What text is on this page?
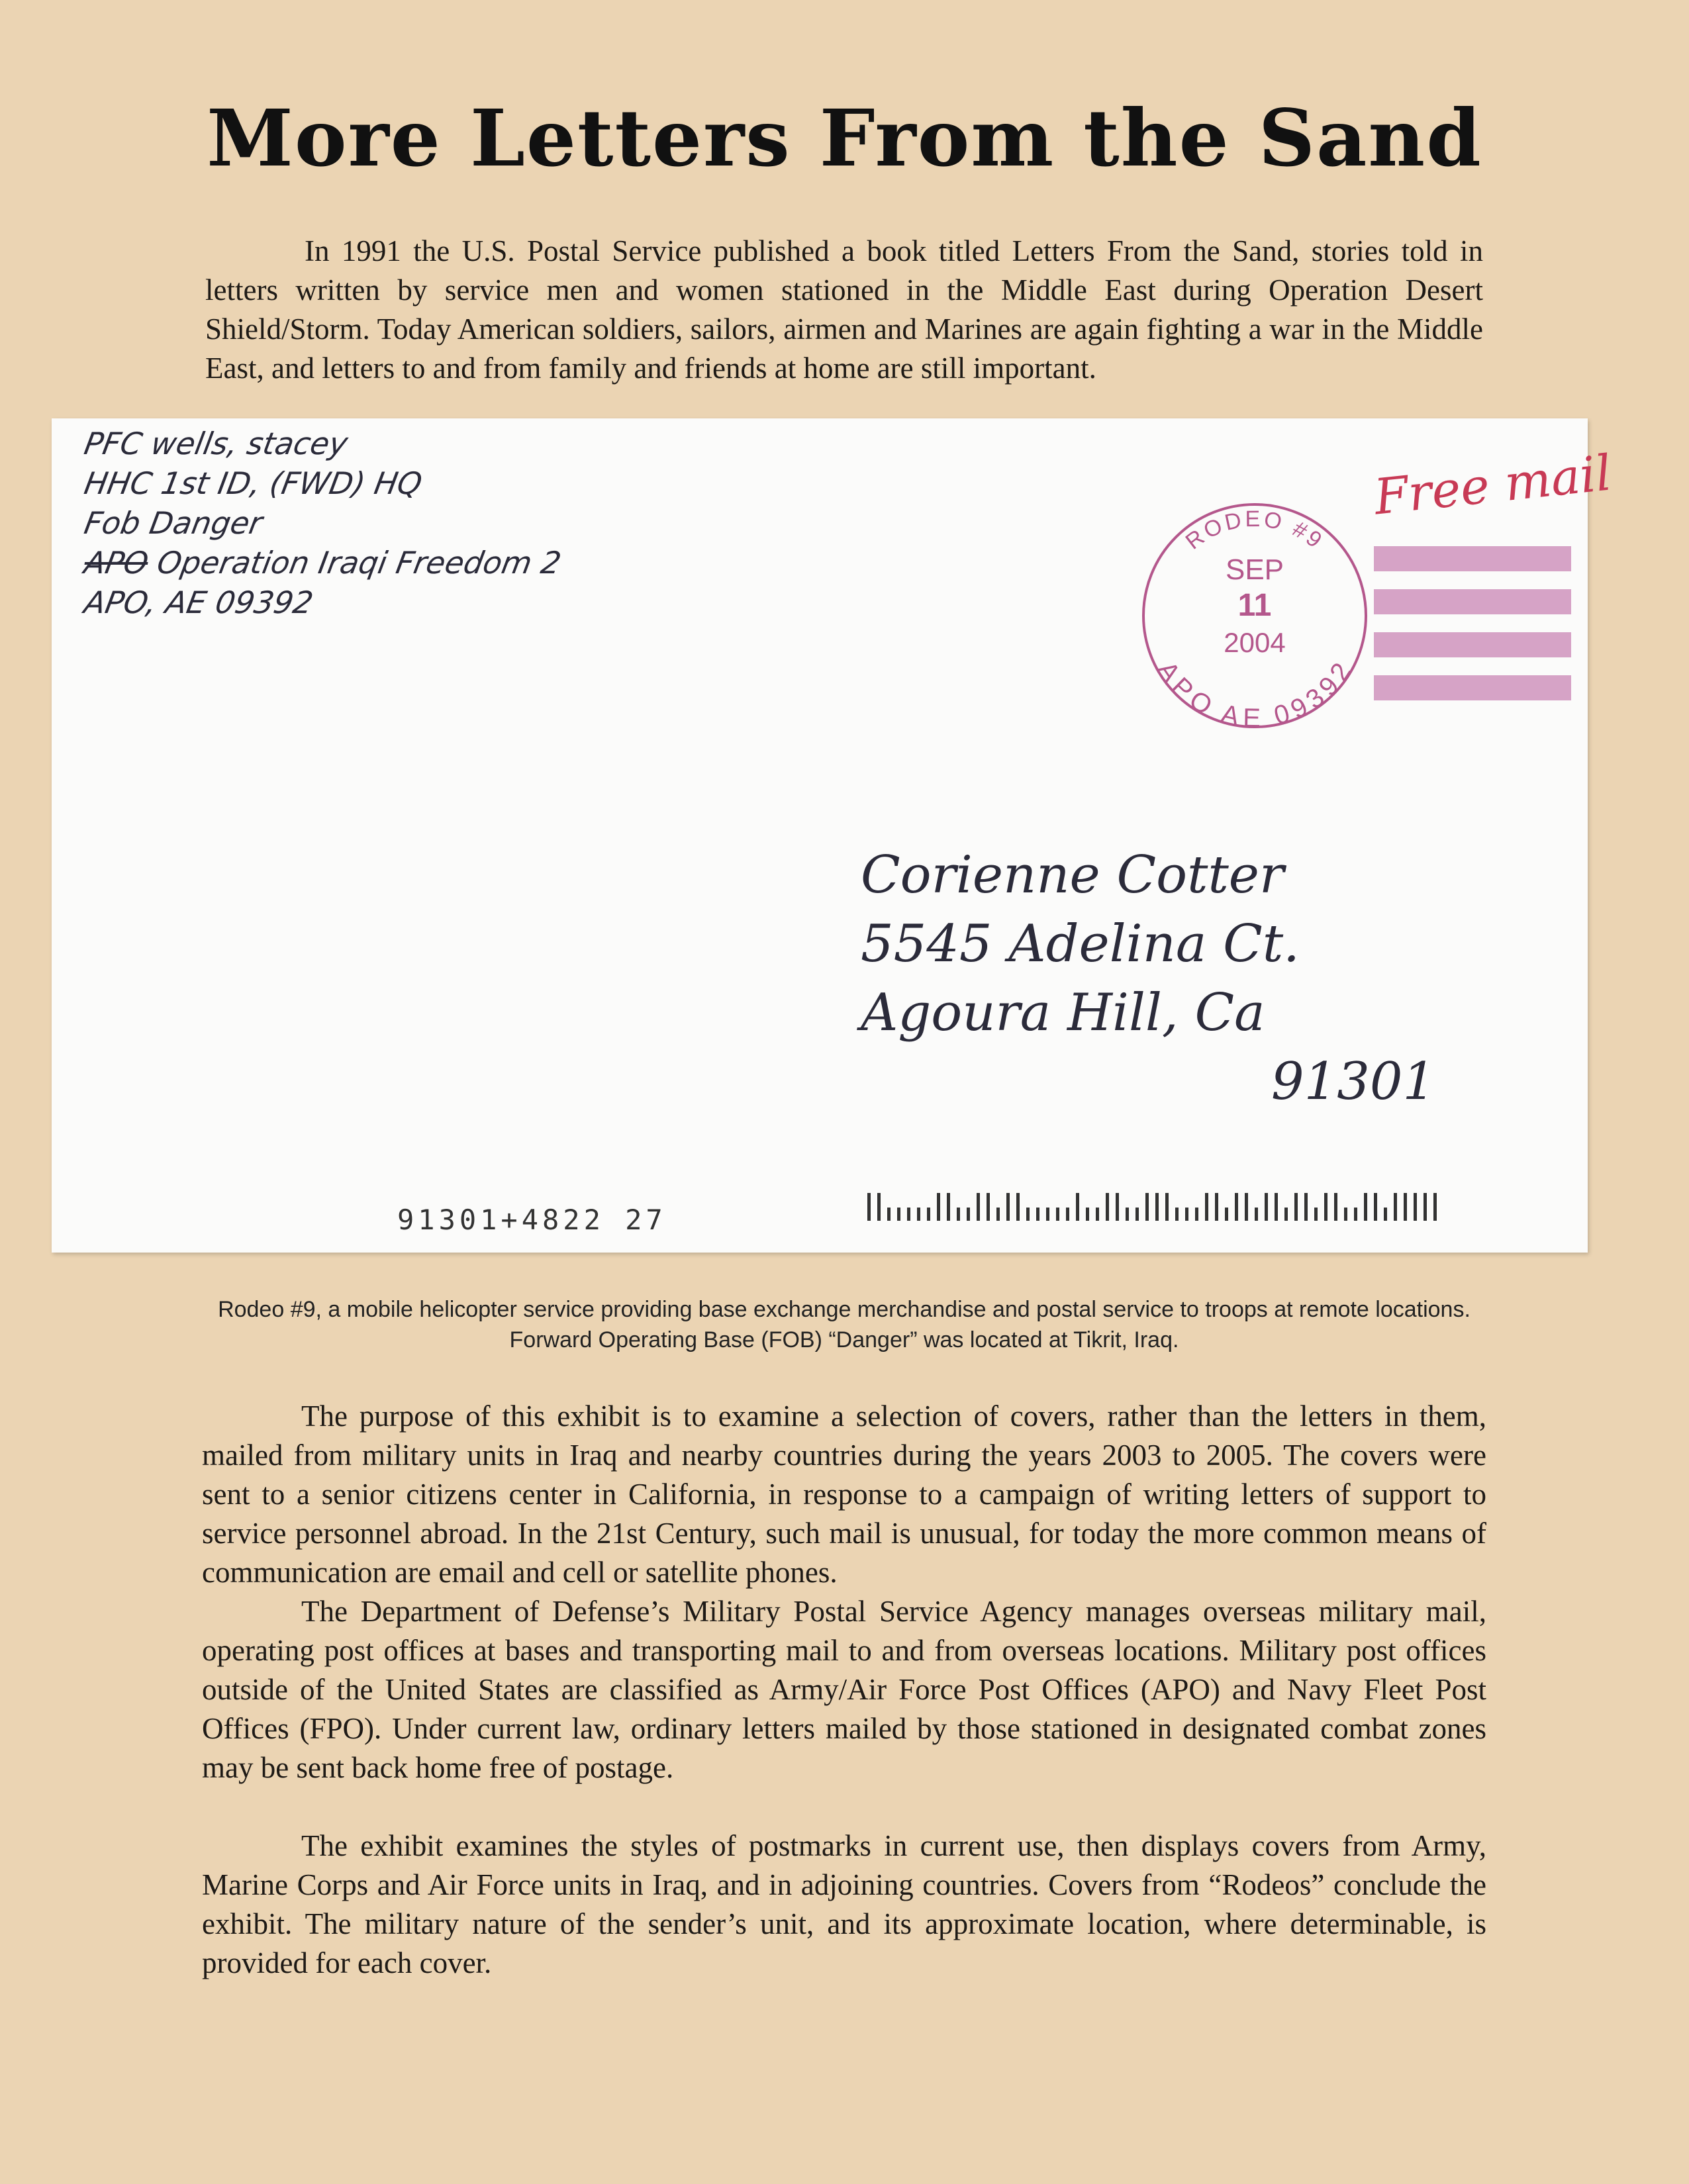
More Letters From the Sand

In 1991 the U.S. Postal Service published a book titled Letters From the Sand, stories told in letters written by service men and women stationed in the Middle East during Operation Desert Shield/Storm. Today American soldiers, sailors, airmen and Marines are again fighting a war in the Middle East, and letters to and from family and friends at home are still important.

PFC wells, stacey
HHC 1st ID, (FWD) HQ
Fob Danger
APO Operation Iraqi Freedom 2
APO, AE 09392
Free mail
RODEO #9
APO AE 09392
SEP
11
2004
Corienne Cotter
5545 Adelina Ct.
Agoura Hill, Ca
91301
91301+4822 27
Rodeo #9, a mobile helicopter service providing base exchange merchandise and postal service to troops at remote locations. Forward Operating Base (FOB) “Danger” was located at Tikrit, Iraq.

The purpose of this exhibit is to examine a selection of covers, rather than the letters in them, mailed from military units in Iraq and nearby countries during the years 2003 to 2005. The covers were sent to a senior citizens center in California, in response to a campaign of writing letters of support to service personnel abroad. In the 21st Century, such mail is unusual, for today the more common means of communication are email and cell or satellite phones.

The Department of Defense’s Military Postal Service Agency manages overseas military mail, operating post offices at bases and transporting mail to and from overseas locations. Military post offices outside of the United States are classified as Army/Air Force Post Offices (APO) and Navy Fleet Post Offices (FPO). Under current law, ordinary letters mailed by those stationed in designated combat zones may be sent back home free of postage.

The exhibit examines the styles of postmarks in current use, then displays covers from Army, Marine Corps and Air Force units in Iraq, and in adjoining countries. Covers from “Rodeos” conclude the exhibit. The military nature of the sender’s unit, and its approximate location, where determinable, is provided for each cover.
